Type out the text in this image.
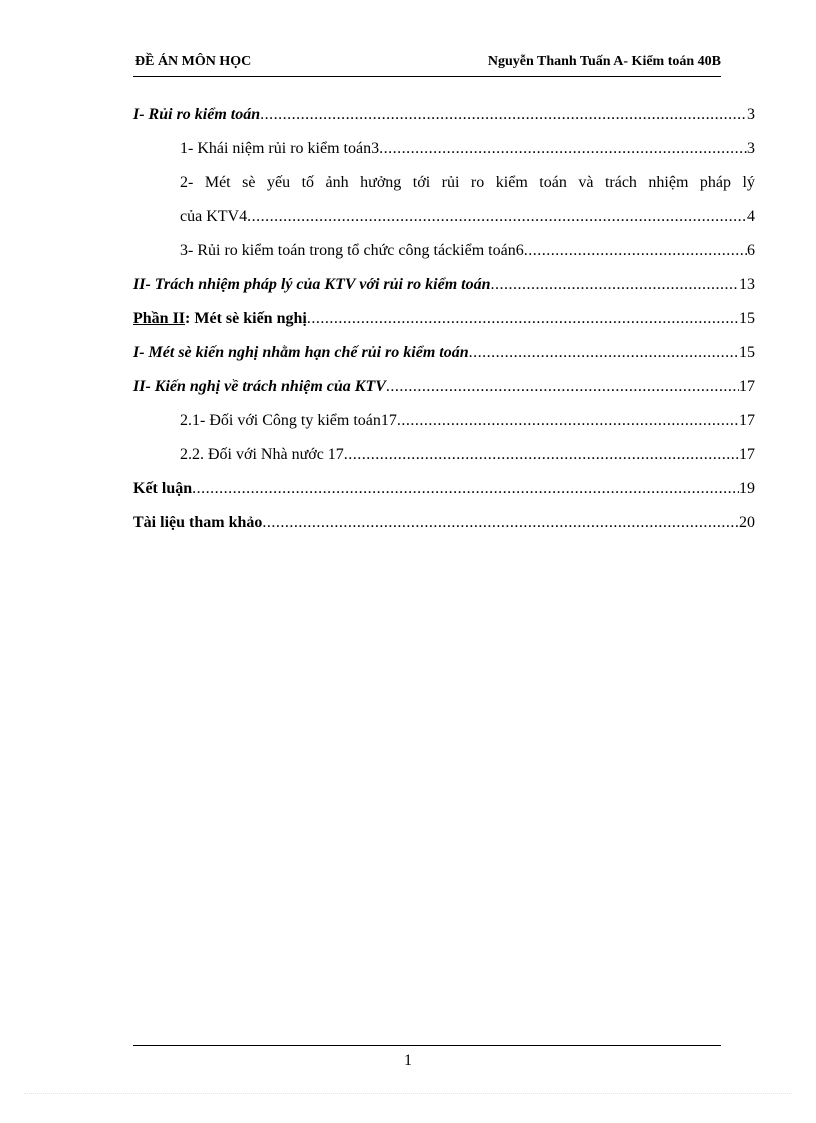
ĐỀ ÁN MÔN HỌC	Nguyễn Thanh Tuấn A- Kiểm toán 40B
I- Rủi ro kiểm toán .....	3
1- Khái niệm rủi ro kiểm toán3 .....	3
2- Mét sè yếu tố ảnh hưởng tới rủi ro kiểm toán và trách nhiệm pháp lý
của KTV4 .....	4
3- Rủi ro kiểm toán trong tổ chức công táckiểm toán6 .....	6
II- Trách nhiệm pháp lý của KTV với rủi ro kiểm toán .....	13
Phần II: Mét sè kiến nghị .....	15
I- Mét sè kiến nghị nhằm hạn chế rủi ro kiểm toán .....	15
II- Kiến nghị về trách nhiệm của KTV .....	17
2.1- Đối với Công ty kiểm toán17 .....	17
2.2. Đối với Nhà nước 17 .....	17
Kết luận .....	19
Tài liệu tham khảo .....	20
1
